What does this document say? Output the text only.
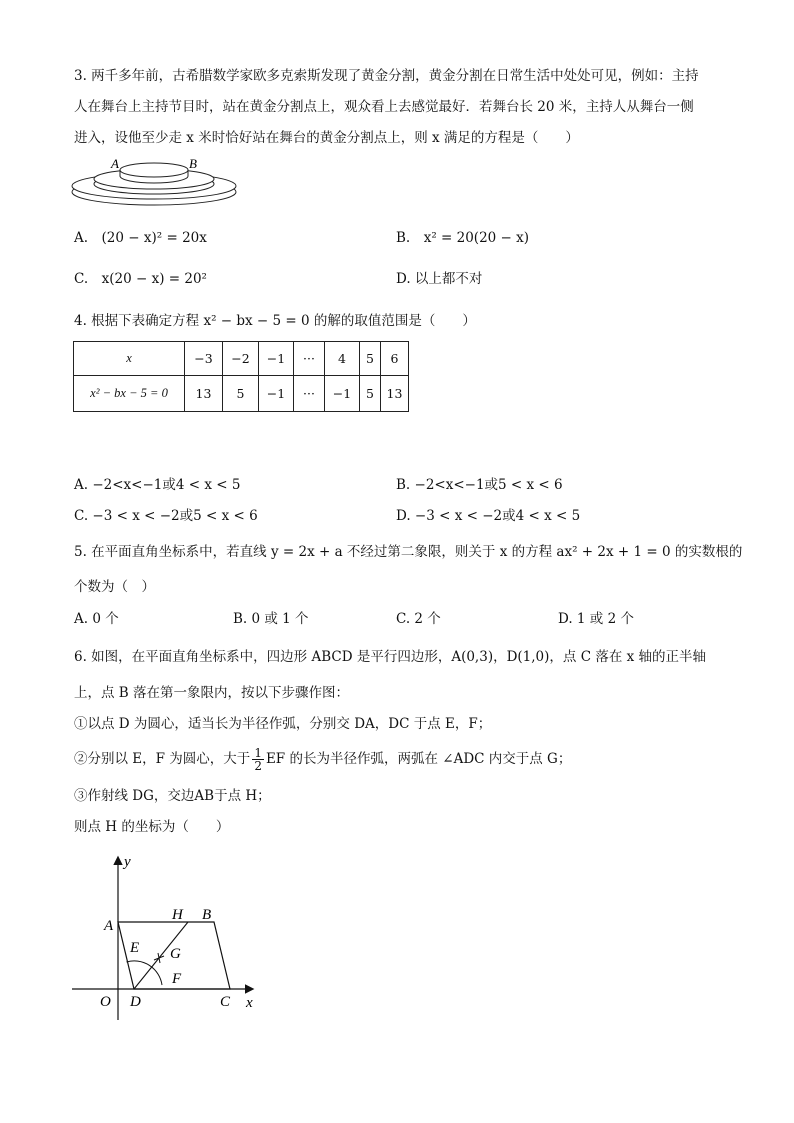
3. 两千多年前，古希腊数学家欧多克索斯发现了黄金分割，黄金分割在日常生活中处处可见，例如：主持
人在舞台上主持节目时，站在黄金分割点上，观众看上去感觉最好．若舞台长 20 米，主持人从舞台一侧
进入，设他至少走 x 米时恰好站在舞台的黄金分割点上，则 x 满足的方程是（　　）
A	B
A.　(20 − x)² = 20x	B.　x² = 20(20 − x)
C.　x(20 − x) = 20²	D. 以上都不对
4. 根据下表确定方程 x² − bx − 5 = 0 的解的取值范围是（　　）
x	−3	−2	−1	···	4	5	6
x² − bx − 5 = 0	13	5	−1	···	−1	5	13
A. −2<x<−1或4 < x < 5	B. −2<x<−1或5 < x < 6
C. −3 < x < −2或5 < x < 6	D. −3 < x < −2或4 < x < 5
5. 在平面直角坐标系中，若直线 y = 2x + a 不经过第二象限，则关于 x 的方程 ax² + 2x + 1 = 0 的实数根的
个数为（　）
A. 0 个	B. 0 或 1 个	C. 2 个	D. 1 或 2 个
6. 如图，在平面直角坐标系中，四边形 ABCD 是平行四边形，A(0,3)，D(1,0)，点 C 落在 x 轴的正半轴
上，点 B 落在第一象限内，按以下步骤作图：
①以点 D 为圆心，适当长为半径作弧，分别交 DA，DC 于点 E，F；
②分别以 E，F 为圆心，大于 $\frac{1}{2}$ EF 的长为半径作弧，两弧在 ∠ADC 内交于点 G；
③作射线 DG，交边AB于点 H；
则点 H 的坐标为（　　）
y
x
O
A
H B
E G
F
D	C
